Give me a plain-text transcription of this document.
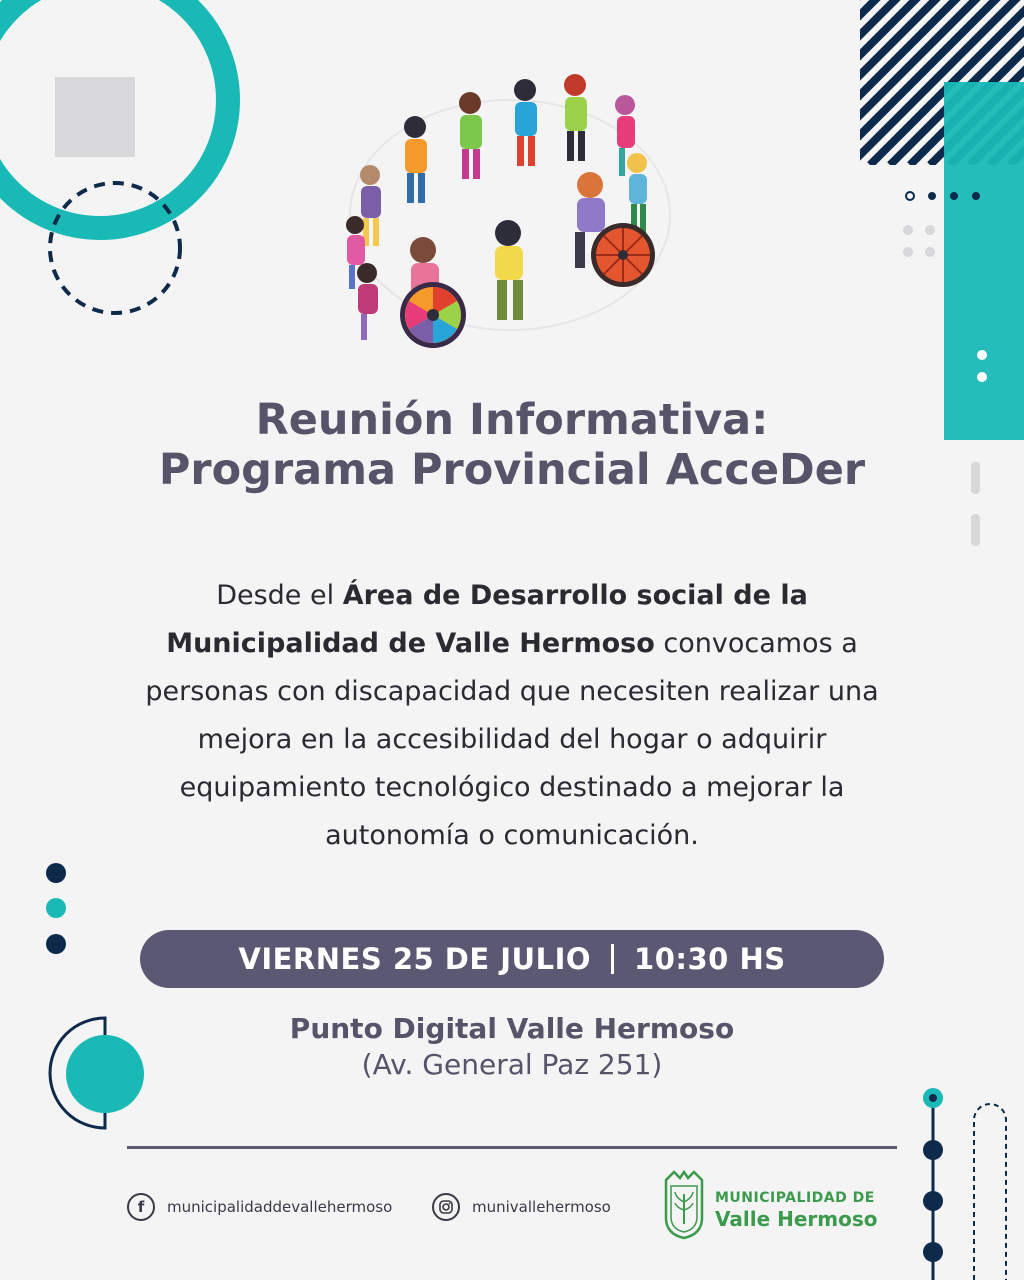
Reunión Informativa:
Programa Provincial AcceDer
Desde el Área de Desarrollo social de la Municipalidad de Valle Hermoso convocamos a personas con discapacidad que necesiten realizar una mejora en la accesibilidad del hogar o adquirir equipamiento tecnológico destinado a mejorar la autonomía o comunicación.
VIERNES 25 DE JULIO 10:30 HS
Punto Digital Valle Hermoso
(Av. General Paz 251)
f	municipalidaddevallehermoso	munivallehermoso	MUNICIPALIDAD DE
Valle Hermoso
